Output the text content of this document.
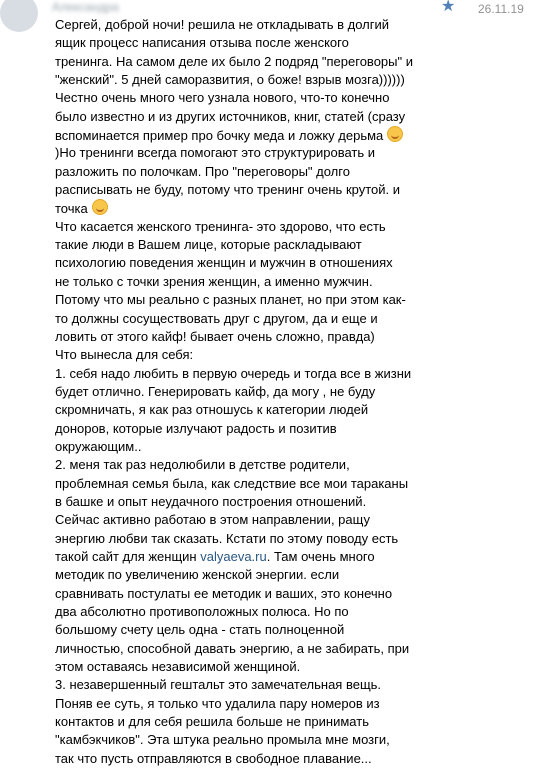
Александра	★ 26.11.19
Сергей, доброй ночи! решила не откладывать в долгий
ящик процесс написания отзыва после женского
тренинга. На самом деле их было 2 подряд "переговоры" и
"женский". 5 дней саморазвития, о боже! взрыв мозга))))))
Честно очень много чего узнала нового, что-то конечно
было известно и из других источников, книг, статей (сразу
вспоминается пример про бочку меда и ложку дерьма
)Но тренинги всегда помогают это структурировать и
разложить по полочкам. Про "переговоры" долго
расписывать не буду, потому что тренинг очень крутой. и
точка
Что касается женского тренинга- это здорово, что есть
такие люди в Вашем лице, которые раскладывают
психологию поведения женщин и мужчин в отношениях
не только с точки зрения женщин, а именно мужчин.
Потому что мы реально с разных планет, но при этом как-
то должны сосуществовать друг с другом, да и еще и
ловить от этого кайф! бывает очень сложно, правда)
Что вынесла для себя:
1. себя надо любить в первую очередь и тогда все в жизни
будет отлично. Генерировать кайф, да могу , не буду
скромничать, я как раз отношусь к категории людей
доноров, которые излучают радость и позитив
окружающим..
2. меня так раз недолюбили в детстве родители,
проблемная семья была, как следствие все мои тараканы
в башке и опыт неудачного построения отношений.
Сейчас активно работаю в этом направлении, ращу
энергию любви так сказать. Кстати по этому поводу есть
такой сайт для женщин valyaeva.ru. Там очень много
методик по увеличению женской энергии. если
сравнивать постулаты ее методик и ваших, это конечно
два абсолютно противоположных полюса. Но по
большому счету цель одна - стать полноценной
личностью, способной давать энергию, а не забирать, при
этом оставаясь независимой женщиной.
3. незавершенный гештальт это замечательная вещь.
Поняв ее суть, я только что удалила пару номеров из
контактов и для себя решила больше не принимать
"камбэкчиков". Эта штука реально промыла мне мозги,
так что пусть отправляются в свободное плавание...
